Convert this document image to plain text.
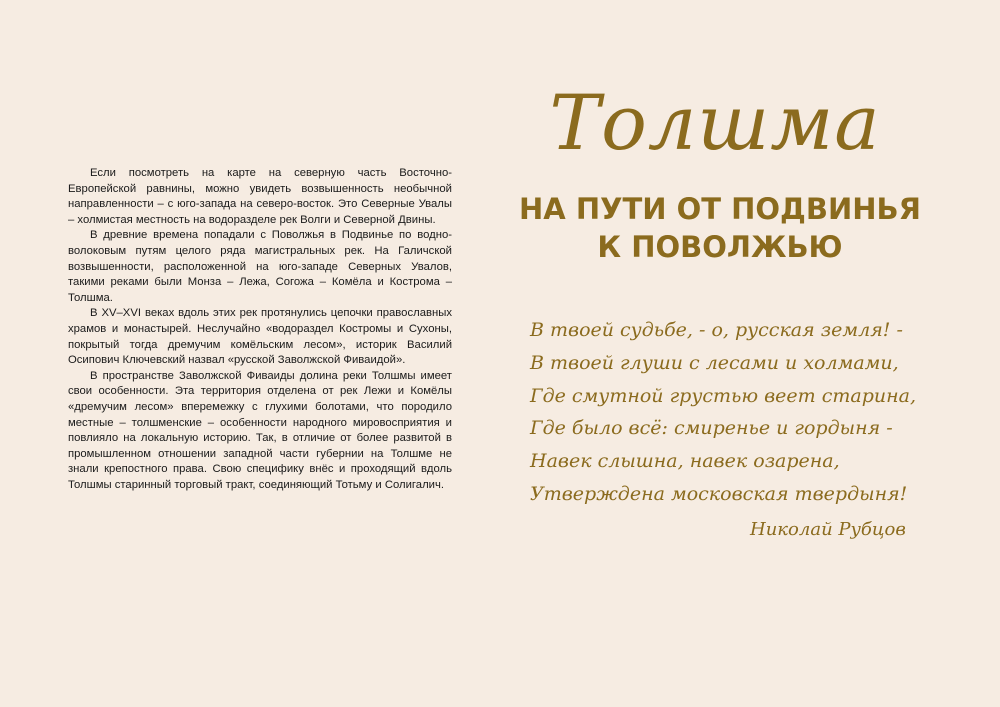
Если посмотреть на карте на северную часть Восточно-Европейской равнины, можно увидеть возвышенность необычной направленности – с юго-запада на северо-восток. Это Северные Увалы – холмистая местность на водоразделе рек Волги и Северной Двины.

В древние времена попадали с Поволжья в Подвинье по водно-волоковым путям целого ряда магистральных рек. На Галичской возвышенности, расположенной на юго-западе Северных Увалов, такими реками были Монза – Лежа, Согожа – Комёла и Кострома – Толшма.

В XV–XVI веках вдоль этих рек протянулись цепочки православных храмов и монастырей. Неслучайно «водораздел Костромы и Сухоны, покрытый тогда дремучим комёльским лесом», историк Василий Осипович Ключевский назвал «русской Заволжской Фиваидой».

В пространстве Заволжской Фиваиды долина реки Толшмы имеет свои особенности. Эта территория отделена от рек Лежи и Комёлы «дремучим лесом» вперемежку с глухими болотами, что породило местные – толшменские – особенности народного мировосприятия и повлияло на локальную историю. Так, в отличие от более развитой в промышленном отношении западной части губернии на Толшме не знали крепостного права. Свою специфику внёс и проходящий вдоль Толшмы старинный торговый тракт, соединяющий Тотьму и Солигалич.

Толшма
НА ПУТИ ОТ ПОДВИНЬЯ
К ПОВОЛЖЬЮ
В твоей судьбе, - о, русская земля! -
В твоей глуши с лесами и холмами,
Где смутной грустью веет старина,
Где было всё: смиренье и гордыня -
Навек слышна, навек озарена,
Утверждена московская твердыня!
Николай Рубцов
